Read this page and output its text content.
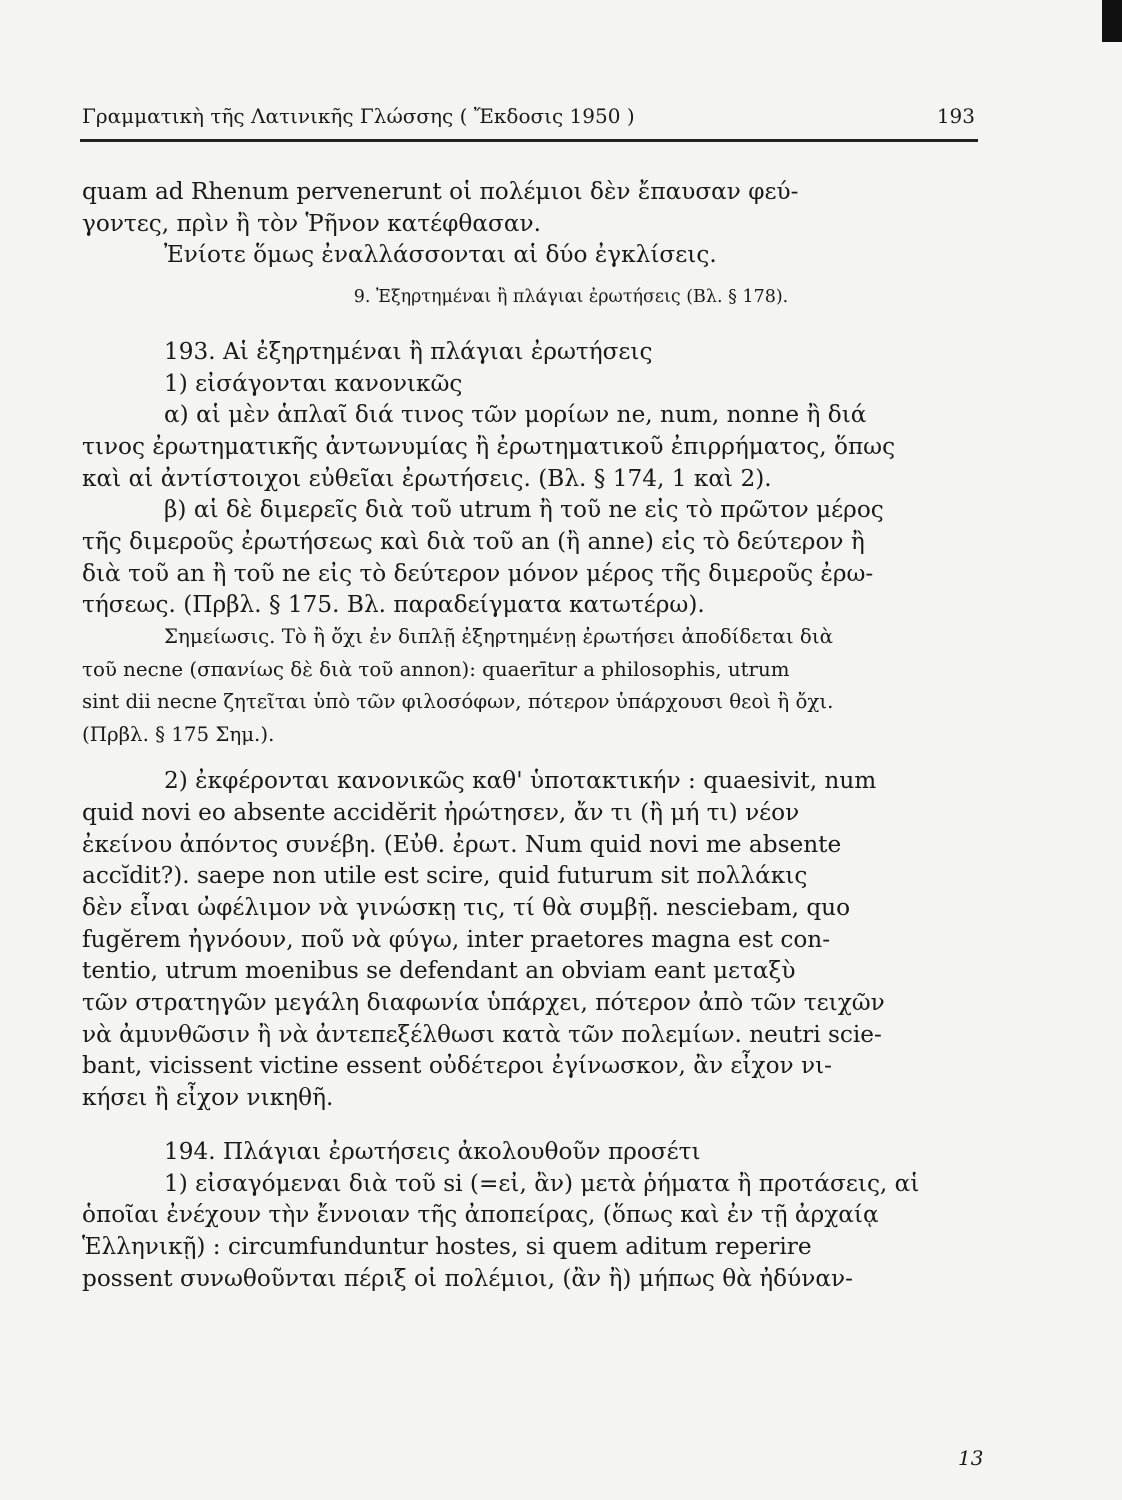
Γραμματικὴ τῆς Λατινικῆς Γλώσσης ( Ἔκδοσις 1950 )	193
quam ad Rhenum pervenerunt οἱ πολέμιοι δὲν ἔπαυσαν φεύ-
γοντες, πρὶν ἢ τὸν Ῥῆνον κατέφθασαν.
Ἐνίοτε ὅμως ἐναλλάσσονται αἱ δύο ἐγκλίσεις.
9. Ἐξηρτημέναι ἢ πλάγιαι ἐρωτήσεις (Βλ. § 178).
193. Αἱ ἐξηρτημέναι ἢ πλάγιαι ἐρωτήσεις
1) εἰσάγονται κανονικῶς
α) αἱ μὲν ἁπλαῖ διά τινος τῶν μορίων ne, num, nonne ἢ διά
τινος ἐρωτηματικῆς ἀντωνυμίας ἢ ἐρωτηματικοῦ ἐπιρρήματος, ὅπως
καὶ αἱ ἀντίστοιχοι εὐθεῖαι ἐρωτήσεις. (Βλ. § 174, 1 καὶ 2).
β) αἱ δὲ διμερεῖς διὰ τοῦ utrum ἢ τοῦ ne εἰς τὸ πρῶτον μέρος
τῆς διμεροῦς ἐρωτήσεως καὶ διὰ τοῦ an (ἢ anne) εἰς τὸ δεύτερον ἢ
διὰ τοῦ an ἢ τοῦ ne εἰς τὸ δεύτερον μόνον μέρος τῆς διμεροῦς ἐρω-
τήσεως. (Πρβλ. § 175. Βλ. παραδείγματα κατωτέρω).
Σημείωσις. Τὸ ἢ ὄχι ἐν διπλῇ ἐξηρτημένῃ ἐρωτήσει ἀποδίδεται διὰ
τοῦ necne (σπανίως δὲ διὰ τοῦ annon): quaerītur a philosophis, utrum
sint dii necne ζητεῖται ὑπὸ τῶν φιλοσόφων, πότερον ὑπάρχουσι θεοὶ ἢ ὄχι.
(Πρβλ. § 175 Σημ.).
2) ἐκφέρονται κανονικῶς καθ' ὑποτακτικήν : quaesivit, num
quid novi eo absente accidĕrit ἠρώτησεν, ἄν τι (ἢ μή τι) νέον
ἐκείνου ἀπόντος συνέβη. (Εὐθ. ἐρωτ. Num quid novi me absente
accĭdit?). saepe non utile est scire, quid futurum sit πολλάκις
δὲν εἶναι ὠφέλιμον νὰ γινώσκῃ τις, τί θὰ συμβῇ. nesciebam, quo
fugĕrem ἠγνόουν, ποῦ νὰ φύγω, inter praetores magna est con-
tentio, utrum moenibus se defendant an obviam eant μεταξὺ
τῶν στρατηγῶν μεγάλη διαφωνία ὑπάρχει, πότερον ἀπὸ τῶν τειχῶν
νὰ ἀμυνθῶσιν ἢ νὰ ἀντεπεξέλθωσι κατὰ τῶν πολεμίων. neutri scie-
bant, vicissent victine essent οὐδέτεροι ἐγίνωσκον, ἂν εἶχον νι-
κήσει ἢ εἶχον νικηθῆ.
194. Πλάγιαι ἐρωτήσεις ἀκολουθοῦν προσέτι
1) εἰσαγόμεναι διὰ τοῦ si (=εἰ, ἂν) μετὰ ῥήματα ἢ προτάσεις, αἱ
ὁποῖαι ἐνέχουν τὴν ἔννοιαν τῆς ἀποπείρας, (ὅπως καὶ ἐν τῇ ἀρχαίᾳ
Ἑλληνικῇ) : circumfunduntur hostes, si quem aditum reperire
possent συνωθοῦνται πέριξ οἱ πολέμιοι, (ἂν ἢ) μήπως θὰ ἠδύναν-
13
